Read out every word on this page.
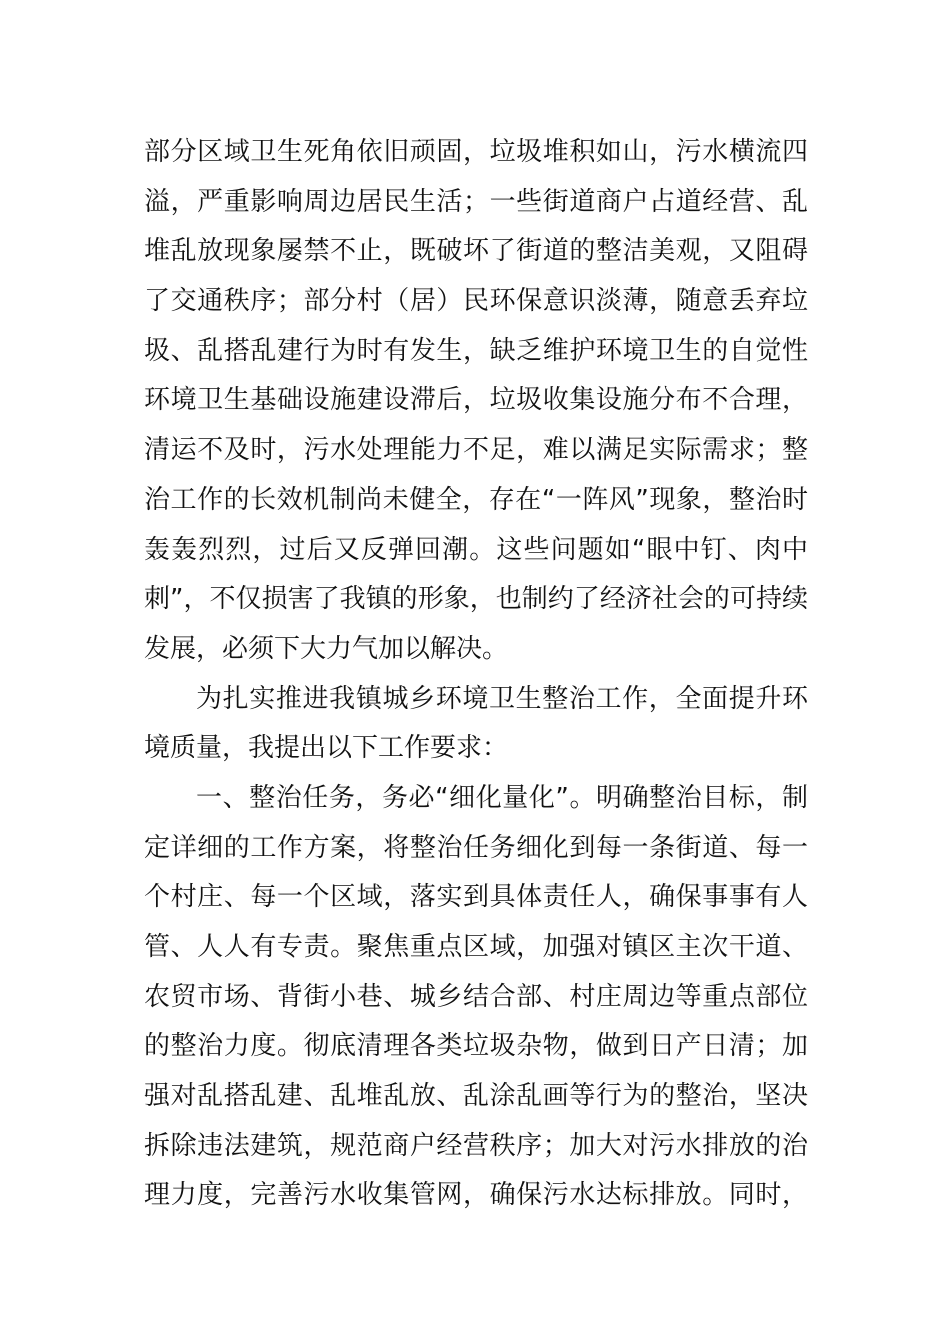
部分区域卫生死角依旧顽固，垃圾堆积如山，污水横流四
溢，严重影响周边居民生活；一些街道商户占道经营、乱
堆乱放现象屡禁不止，既破坏了街道的整洁美观，又阻碍
了交通秩序；部分村（居）民环保意识淡薄，随意丢弃垃
圾、乱搭乱建行为时有发生，缺乏维护环境卫生的自觉性
环境卫生基础设施建设滞后，垃圾收集设施分布不合理，
清运不及时，污水处理能力不足，难以满足实际需求；整
治工作的长效机制尚未健全，存在“一阵风”现象，整治时
轰轰烈烈，过后又反弹回潮。这些问题如“眼中钉、肉中
刺”，不仅损害了我镇的形象，也制约了经济社会的可持续
发展，必须下大力气加以解决。
为扎实推进我镇城乡环境卫生整治工作，全面提升环
境质量，我提出以下工作要求：
一、整治任务，务必“细化量化”。明确整治目标，制
定详细的工作方案，将整治任务细化到每一条街道、每一
个村庄、每一个区域，落实到具体责任人，确保事事有人
管、人人有专责。聚焦重点区域，加强对镇区主次干道、
农贸市场、背街小巷、城乡结合部、村庄周边等重点部位
的整治力度。彻底清理各类垃圾杂物，做到日产日清；加
强对乱搭乱建、乱堆乱放、乱涂乱画等行为的整治，坚决
拆除违法建筑，规范商户经营秩序；加大对污水排放的治
理力度，完善污水收集管网，确保污水达标排放。同时，
